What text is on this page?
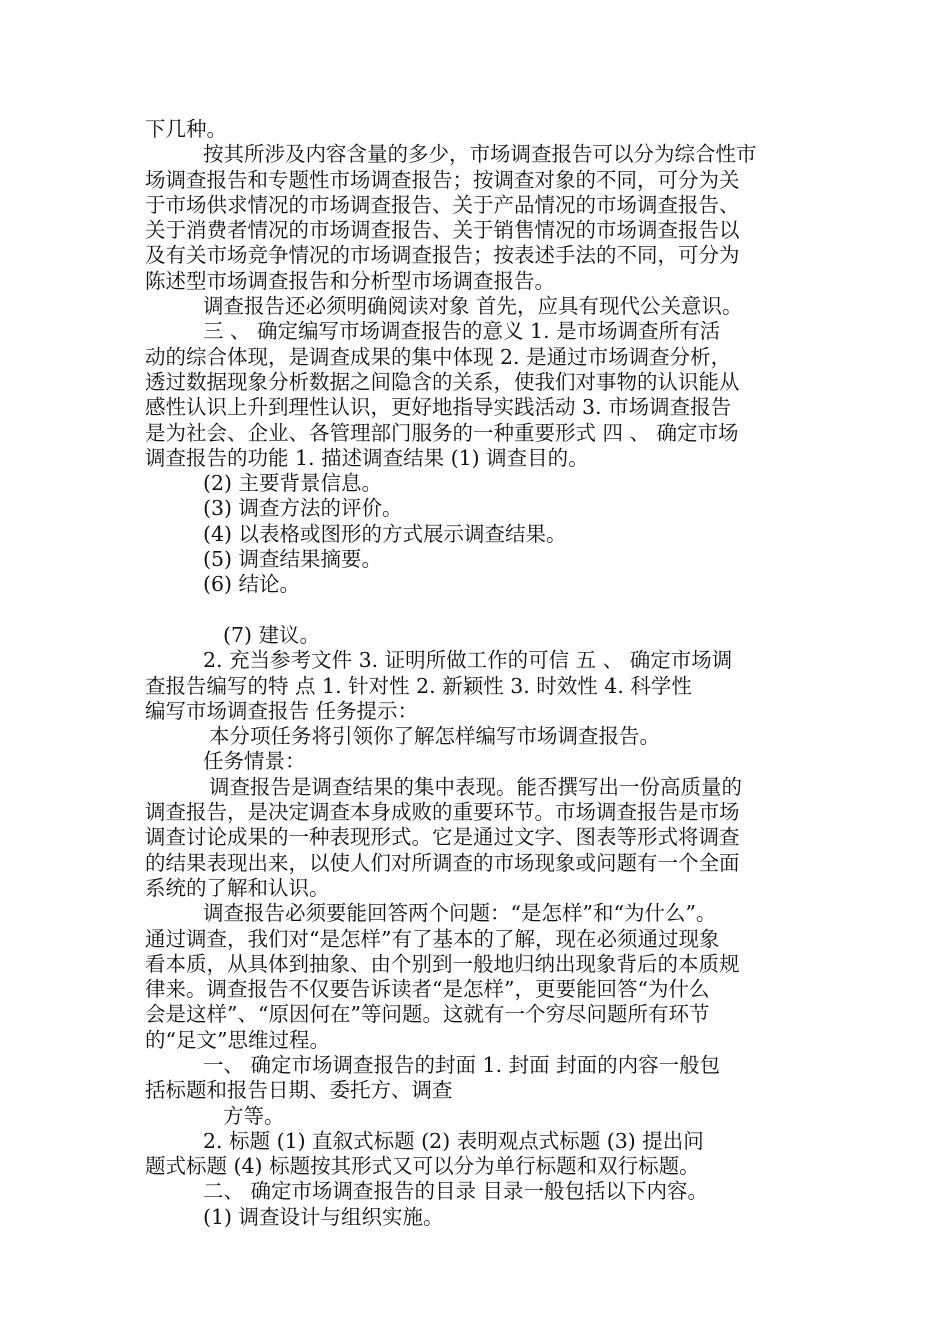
下几种。
按其所涉及内容含量的多少，市场调查报告可以分为综合性市
场调查报告和专题性市场调查报告；按调查对象的不同，可分为关
于市场供求情况的市场调查报告、关于产品情况的市场调查报告、
关于消费者情况的市场调查报告、关于销售情况的市场调查报告以
及有关市场竞争情况的市场调查报告；按表述手法的不同，可分为
陈述型市场调查报告和分析型市场调查报告。
调查报告还必须明确阅读对象 首先，应具有现代公关意识。
三 、 确定编写市场调查报告的意义 1. 是市场调查所有活
动的综合体现，是调查成果的集中体现 2. 是通过市场调查分析，
透过数据现象分析数据之间隐含的关系，使我们对事物的认识能从
感性认识上升到理性认识，更好地指导实践活动 3. 市场调查报告
是为社会、企业、各管理部门服务的一种重要形式 四 、 确定市场
调查报告的功能 1. 描述调查结果 (1) 调查目的。
(2) 主要背景信息。
(3) 调查方法的评价。
(4) 以表格或图形的方式展示调查结果。
(5) 调查结果摘要。
(6) 结论。
(7) 建议。
2. 充当参考文件 3. 证明所做工作的可信 五 、 确定市场调
查报告编写的特 点 1. 针对性 2. 新颖性 3. 时效性 4. 科学性
编写市场调查报告 任务提示：
本分项任务将引领你了解怎样编写市场调查报告。
任务情景：
调查报告是调查结果的集中表现。能否撰写出一份高质量的
调查报告，是决定调查本身成败的重要环节。市场调查报告是市场
调查讨论成果的一种表现形式。它是通过文字、图表等形式将调查
的结果表现出来，以使人们对所调查的市场现象或问题有一个全面
系统的了解和认识。
调查报告必须要能回答两个问题：“是怎样”和“为什么”。
通过调查，我们对“是怎样”有了基本的了解，现在必须通过现象
看本质，从具体到抽象、由个别到一般地归纳出现象背后的本质规
律来。调查报告不仅要告诉读者“是怎样”，更要能回答“为什么
会是这样”、“原因何在”等问题。这就有一个穷尽问题所有环节
的“足文”思维过程。
一、 确定市场调查报告的封面 1. 封面 封面的内容一般包
括标题和报告日期、委托方、调查
方等。
2. 标题 (1) 直叙式标题 (2) 表明观点式标题 (3) 提出问
题式标题 (4) 标题按其形式又可以分为单行标题和双行标题。
二、 确定市场调查报告的目录 目录一般包括以下内容。
(1) 调查设计与组织实施。
